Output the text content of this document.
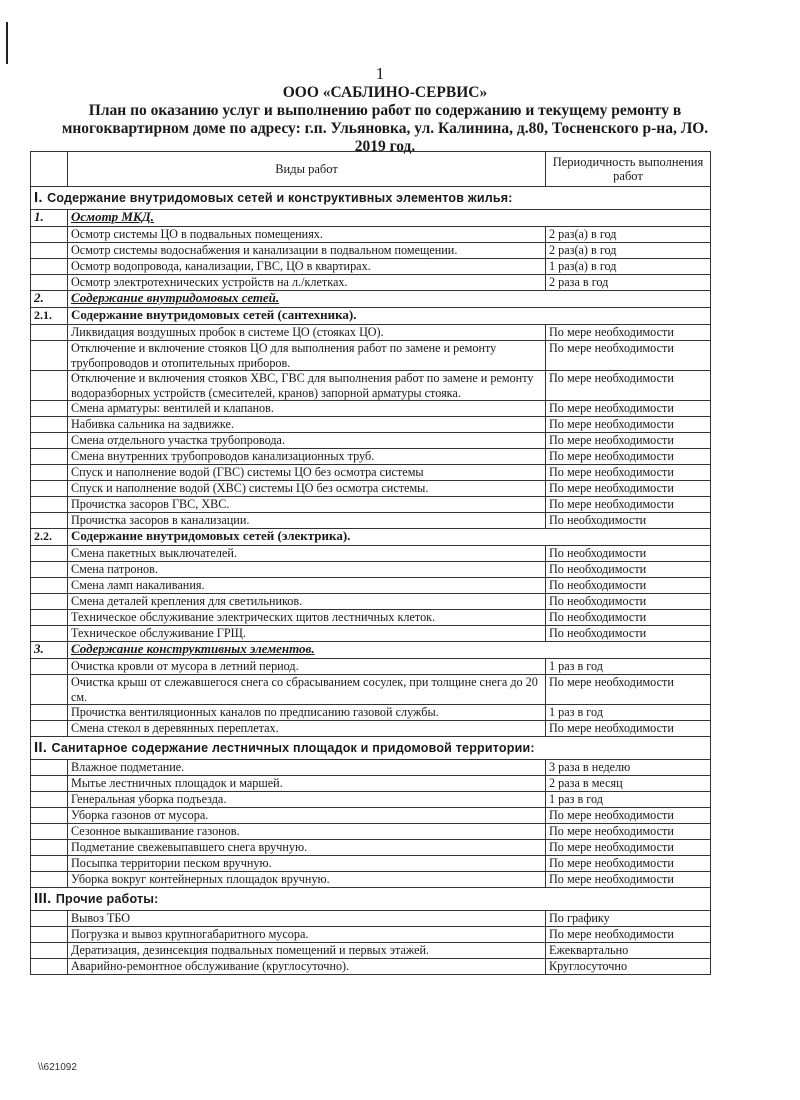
1
ООО «САБЛИНО-СЕРВИС»
План по оказанию услуг и выполнению работ по содержанию и текущему ремонту в
многоквартирном доме по адресу: г.п. Ульяновка, ул. Калинина, д.80, Тосненского р-на, ЛО.
2019 год.
	Виды работ	Периодичность выполнения работ
I. Содержание внутридомовых сетей и конструктивных элементов жилья:		
1.	Осмотр МКД.	
	Осмотр системы ЦО в подвальных помещениях.	2 раз(а) в год
	Осмотр системы водоснабжения и канализации в подвальном помещении.	2 раз(а) в год
	Осмотр водопровода, канализации, ГВС, ЦО в квартирах.	1 раз(а) в год
	Осмотр электротехнических устройств на л./клетках.	2 раза в год
2.	Содержание внутридомовых сетей.	
2.1.	Содержание внутридомовых сетей (сантехника).	
	Ликвидация воздушных пробок в системе ЦО (стояках ЦО).	По мере необходимости
	Отключение и включение стояков ЦО для выполнения работ по замене и ремонту трубопроводов и отопительных приборов.	По мере необходимости
	Отключение и включения стояков ХВС, ГВС для выполнения работ по замене и ремонту водоразборных устройств (смесителей, кранов) запорной арматуры стояка.	По мере необходимости
	Смена арматуры: вентилей и клапанов.	По мере необходимости
	Набивка сальника на задвижке.	По мере необходимости
	Смена отдельного участка трубопровода.	По мере необходимости
	Смена внутренних трубопроводов канализационных труб.	По мере необходимости
	Спуск и наполнение водой (ГВС) системы ЦО без осмотра системы	По мере необходимости
	Спуск и наполнение водой (ХВС) системы ЦО без осмотра системы.	По мере необходимости
	Прочистка засоров ГВС, ХВС.	По мере необходимости
	Прочистка засоров в канализации.	По необходимости
2.2.	Содержание внутридомовых сетей (электрика).	
	Смена пакетных выключателей.	По необходимости
	Смена патронов.	По необходимости
	Смена ламп накаливания.	По необходимости
	Смена деталей крепления для светильников.	По необходимости
	Техническое обслуживание электрических щитов лестничных клеток.	По необходимости
	Техническое обслуживание ГРЩ.	По необходимости
3.	Содержание конструктивных элементов.	
	Очистка кровли от мусора в летний период.	1 раз в год
	Очистка крыш от слежавшегося снега со сбрасыванием сосулек, при толщине снега до 20 см.	По мере необходимости
	Прочистка вентиляционных каналов по предписанию газовой службы.	1 раз в год
	Смена стекол в деревянных переплетах.	По мере необходимости
II. Санитарное содержание лестничных площадок и придомовой территории:		
	Влажное подметание.	3 раза в неделю
	Мытье лестничных площадок и маршей.	2 раза в месяц
	Генеральная уборка подъезда.	1 раз в год
	Уборка газонов от мусора.	По мере необходимости
	Сезонное выкашивание газонов.	По мере необходимости
	Подметание свежевыпавшего снега вручную.	По мере необходимости
	Посыпка территории песком вручную.	По мере необходимости
	Уборка вокруг контейнерных площадок вручную.	По мере необходимости
III. Прочие работы:		
	Вывоз ТБО	По графику
	Погрузка и вывоз крупногабаритного мусора.	По мере необходимости
	Дератизация, дезинсекция подвальных помещений и первых этажей.	Ежеквартально
	Аварийно-ремонтное обслуживание (круглосуточно).	Круглосуточно
\\621092
